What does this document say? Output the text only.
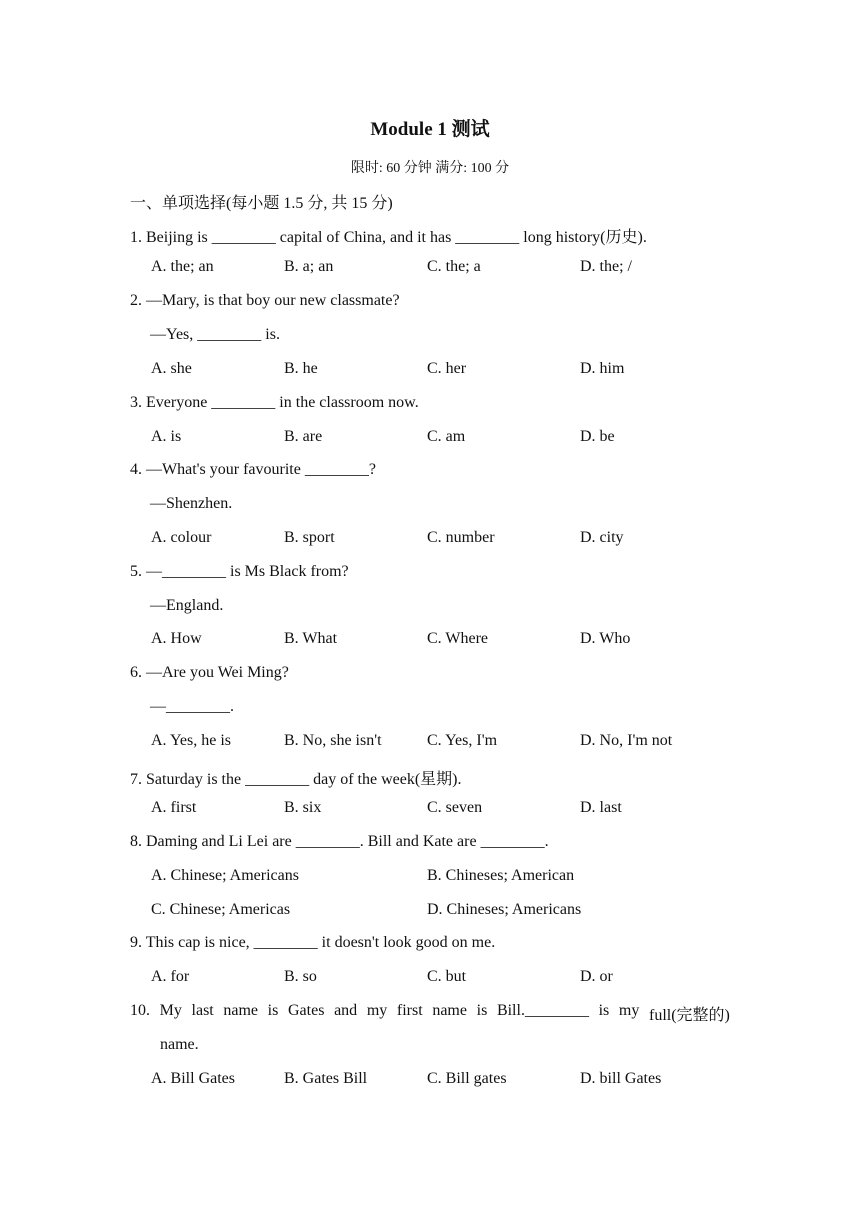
Module 1 测试
限时: 60 分钟 满分: 100 分
一、单项选择(每小题 1.5 分, 共 15 分)
1. Beijing is ________ capital of China, and it has ________ long history(历史).
A. the; an	B. a; an	C. the; a	D. the; /
2. —Mary, is that boy our new classmate?
—Yes, ________ is.
A. she	B. he	C. her	D. him
3. Everyone ________ in the classroom now.
A. is	B. are	C. am	D. be
4. —What's your favourite ________?
—Shenzhen.
A. colour	B. sport	C. number	D. city
5. —________ is Ms Black from?
—England.
A. How	B. What	C. Where	D. Who
6. —Are you Wei Ming?
—________.
A. Yes, he is	B. No, she isn't	C. Yes, I'm	D. No, I'm not
7. Saturday is the ________ day of the week(星期).
A. first	B. six	C. seven	D. last
8. Daming and Li Lei are ________. Bill and Kate are ________.
A. Chinese; Americans	B. Chineses; American
C. Chinese; Americas	D. Chineses; Americans
9. This cap is nice, ________ it doesn't look good on me.
A. for	B. so	C. but	D. or
10. My last name is Gates and my first name is Bill.________ is my full(完整的)
name.
A. Bill Gates	B. Gates Bill	C. Bill gates	D. bill Gates
